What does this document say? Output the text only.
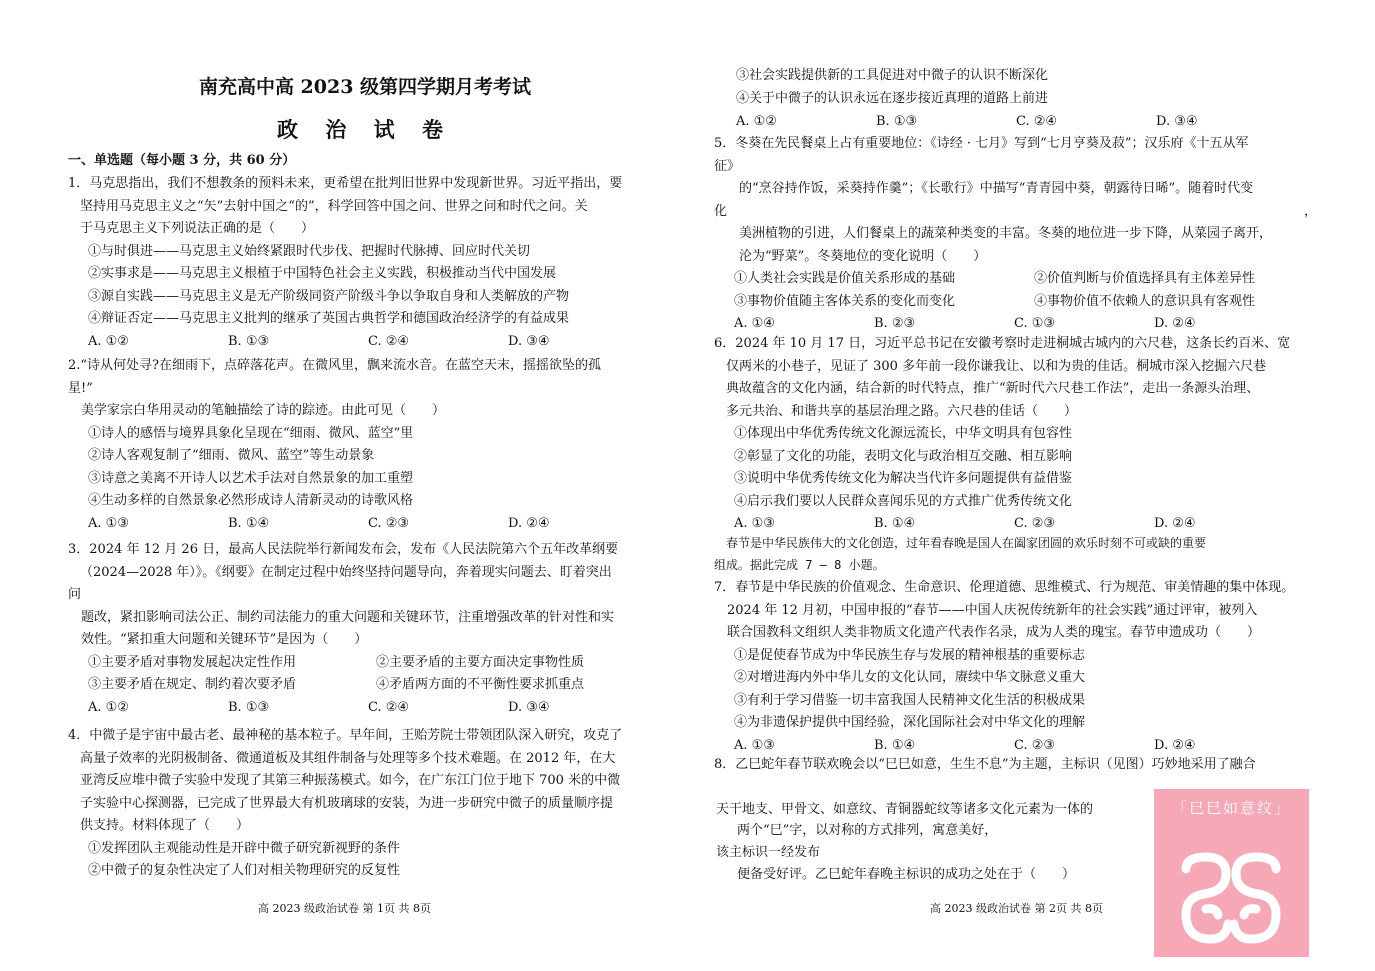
南充高中高 2023 级第四学期月考考试
政 治 试 卷
一、单选题（每小题 3 分，共 60 分）
1．马克思指出，我们不想教条的预料未来，更希望在批判旧世界中发现新世界。习近平指出，要
坚持用马克思主义之“矢”去射中国之“的”，科学回答中国之问、世界之问和时代之问。关
于马克思主义下列说法正确的是（　　）
①与时俱进——马克思主义始终紧跟时代步伐、把握时代脉搏、回应时代关切
②实事求是——马克思主义根植于中国特色社会主义实践，积极推动当代中国发展
③源自实践——马克思主义是无产阶级同资产阶级斗争以争取自身和人类解放的产物
④辩证否定——马克思主义批判的继承了英国古典哲学和德国政治经济学的有益成果
A. ①②	B. ①③	C. ②④	D. ③④
2.“诗从何处寻?在细雨下，点碎落花声。在微风里，飘来流水音。在蓝空天末，摇摇欲坠的孤
星!”
　美学家宗白华用灵动的笔触描绘了诗的踪迹。由此可见（　　）
①诗人的感悟与境界具象化呈现在“细雨、微风、蓝空”里
②诗人客观复制了“细雨、微风、蓝空”等生动景象
③诗意之美离不开诗人以艺术手法对自然景象的加工重塑
④生动多样的自然景象必然形成诗人清新灵动的诗歌风格
A. ①③	B. ①④	C. ②③	D. ②④
3．2024 年 12 月 26 日，最高人民法院举行新闻发布会，发布《人民法院第六个五年改革纲要
（2024—2028 年）》。《纲要》在制定过程中始终坚持问题导向，奔着现实问题去、盯着突出
问
　题改，紧扣影响司法公正、制约司法能力的重大问题和关键环节，注重增强改革的针对性和实
　效性。“紧扣重大问题和关键环节”是因为（　　）
①主要矛盾对事物发展起决定性作用	②主要矛盾的主要方面决定事物性质
③主要矛盾在规定、制约着次要矛盾	④矛盾两方面的不平衡性要求抓重点
A. ①②	B. ①③	C. ②④	D. ③④
4．中微子是宇宙中最古老、最神秘的基本粒子。早年间，王贻芳院士带领团队深入研究，攻克了
高量子效率的光阴极制备、微通道板及其组件制备与处理等多个技术难题。在 2012 年，在大
亚湾反应堆中微子实验中发现了其第三种振荡模式。如今，在广东江门位于地下 700 米的中微
子实验中心探测器，已完成了世界最大有机玻璃球的安装，为进一步研究中微子的质量顺序提
供支持。材料体现了（　　）
①发挥团队主观能动性是开辟中微子研究新视野的条件
②中微子的复杂性决定了人们对相关物理研究的反复性
高 2023 级政治试卷 第 1页 共 8页
③社会实践提供新的工具促进对中微子的认识不断深化
④关于中微子的认识永远在逐步接近真理的道路上前进
A. ①②	B. ①③	C. ②④	D. ③④
5．冬葵在先民餐桌上占有重要地位：《诗经 · 七月》写到“七月亨葵及菽”；汉乐府《十五从军
征》
　的“烹谷持作饭，采葵持作羹”；《长歌行》中描写“青青园中葵，朝露待日晞”。随着时代变
化
　美洲植物的引进，人们餐桌上的蔬菜种类变的丰富。冬葵的地位进一步下降，从菜园子离开，
　沦为“野菜”。冬葵地位的变化说明（　　）
①人类社会实践是价值关系形成的基础	②价值判断与价值选择具有主体差异性
③事物价值随主客体关系的变化而变化	④事物价值不依赖人的意识具有客观性
A. ①④	B. ②③	C. ①③	D. ②④
，
6．2024 年 10 月 17 日，习近平总书记在安徽考察时走进桐城古城内的六尺巷，这条长约百米、宽
仅两米的小巷子，见证了 300 多年前一段你谦我让、以和为贵的佳话。桐城市深入挖掘六尺巷
典故蕴含的文化内涵，结合新的时代特点，推广“新时代六尺巷工作法”，走出一条源头治理、
多元共治、和谐共享的基层治理之路。六尺巷的佳话（　　）
①体现出中华优秀传统文化源远流长，中华文明具有包容性
②彰显了文化的功能，表明文化与政治相互交融、相互影响
③说明中华优秀传统文化为解决当代许多问题提供有益借鉴
④启示我们要以人民群众喜闻乐见的方式推广优秀传统文化
A. ①③	B. ①④	C. ②③	D. ②④
　春节是中华民族伟大的文化创造，过年看春晚是国人在阖家团圆的欢乐时刻不可或缺的重要
组成。据此完成 7 — 8 小题。
7．春节是中华民族的价值观念、生命意识、伦理道德、思维模式、行为规范、审美情趣的集中体现。
　2024 年 12 月初，中国申报的“春节——中国人庆祝传统新年的社会实践”通过评审，被列入
　联合国教科文组织人类非物质文化遗产代表作名录，成为人类的瑰宝。春节申遗成功（　　）
①是促使春节成为中华民族生存与发展的精神根基的重要标志
②对增进海内外中华儿女的文化认同，赓续中华文脉意义重大
③有利于学习借鉴一切丰富我国人民精神文化生活的积极成果
④为非遗保护提供中国经验，深化国际社会对中华文化的理解
A. ①③	B. ①④	C. ②③	D. ②④
8．乙巳蛇年春节联欢晚会以“巳巳如意，生生不息”为主题，主标识（见图）巧妙地采用了融合
天干地支、甲骨文、如意纹、青铜器蛇纹等诸多文化元素为一体的
　两个“巳”字，以对称的方式排列，寓意美好，
该主标识一经发布
　便备受好评。乙巳蛇年春晚主标识的成功之处在于（　　）
高 2023 级政治试卷 第 2页 共 8页
「巳巳如意纹」
